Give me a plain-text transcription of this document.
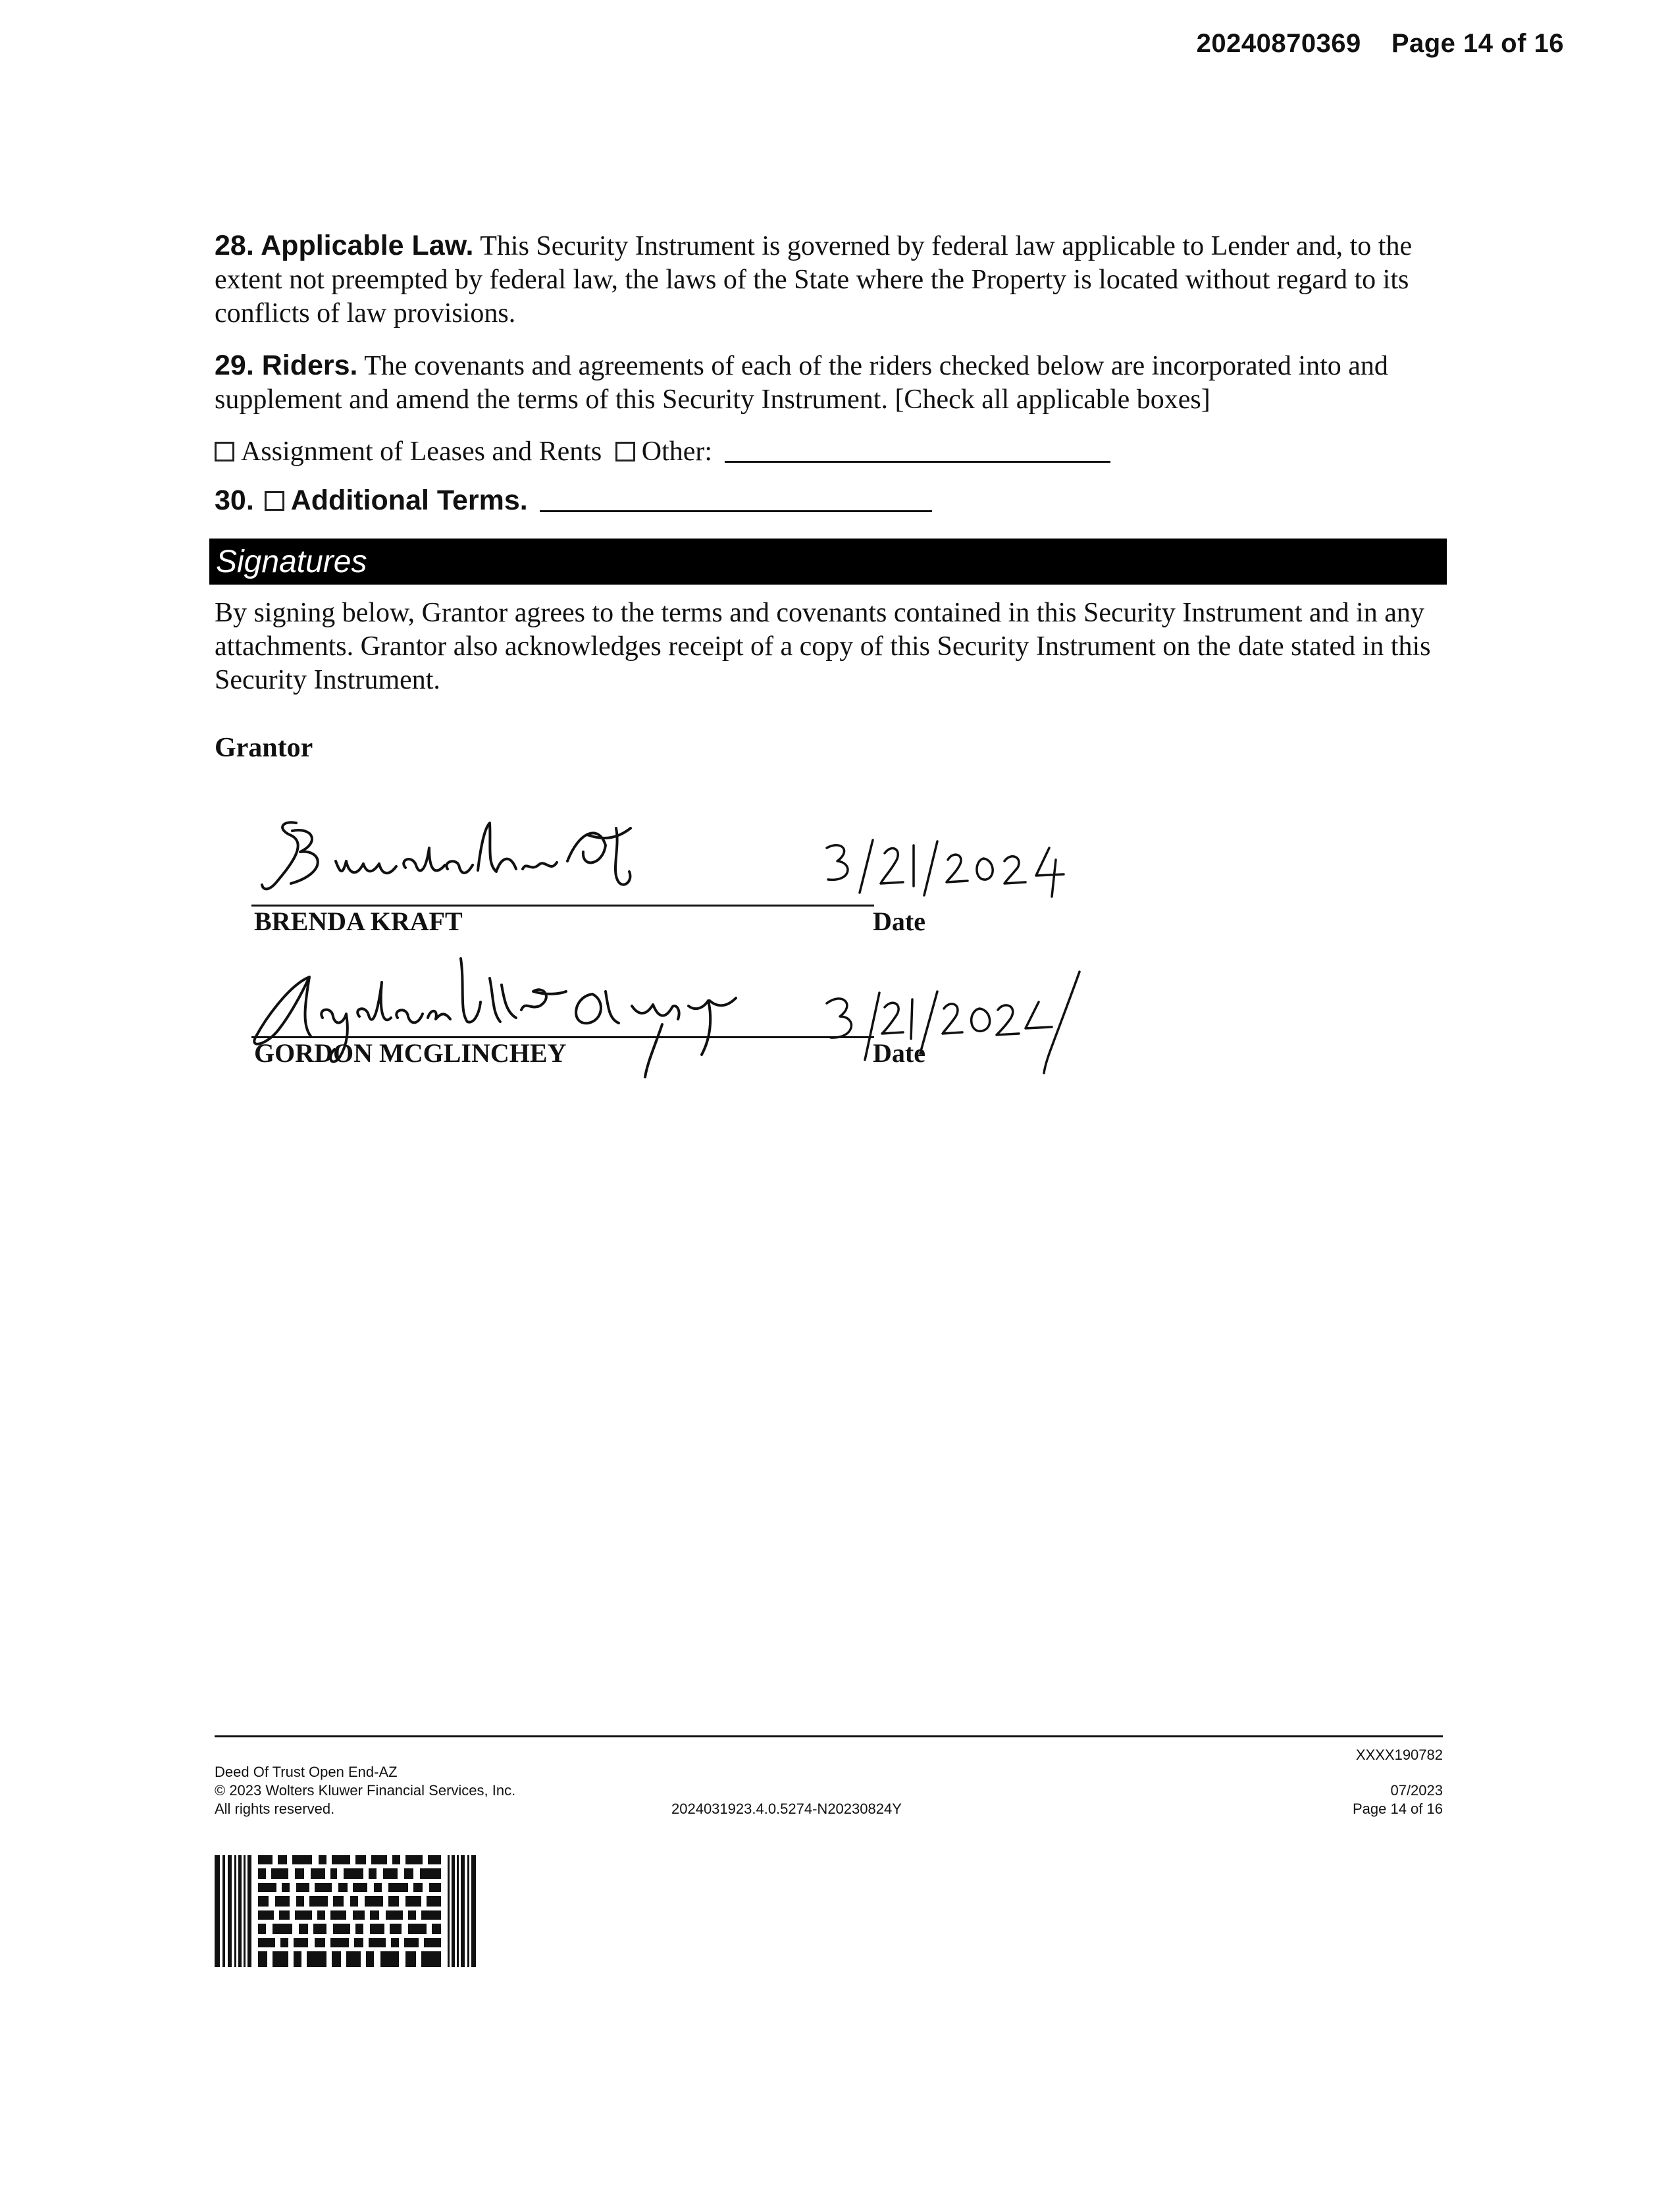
20240870369 Page 14 of 16

28. Applicable Law. This Security Instrument is governed by federal law applicable to Lender and, to the extent not preempted by federal law, the laws of the State where the Property is located without regard to its conflicts of law provisions.

29. Riders. The covenants and agreements of each of the riders checked below are incorporated into and supplement and amend the terms of this Security Instrument. [Check all applicable boxes]

Assignment of Leases and Rents Other:
30. Additional Terms.
Signatures

By signing below, Grantor agrees to the terms and covenants contained in this Security Instrument and in any attachments. Grantor also acknowledges receipt of a copy of this Security Instrument on the date stated in this Security Instrument.

Grantor
BRENDA KRAFT	Date
GORDON MCGLINCHEY	Date
Deed Of Trust Open End-AZ
© 2023 Wolters Kluwer Financial Services, Inc.
All rights reserved.	2024031923.4.0.5274-N20230824Y
XXXX190782
07/2023
Page 14 of 16
